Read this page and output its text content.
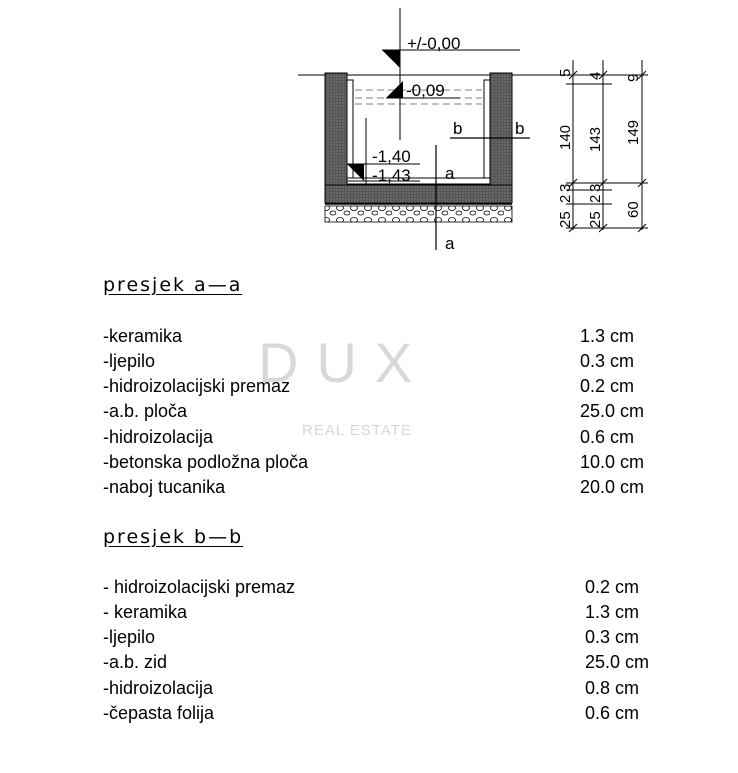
DUX
REAL ESTATE
+/-0,00
-0,09
-1,40
-1,43 a
a
b	b
5
140
3
2
25
4
143
3
2
25
9
149
60
presjek a—a
-keramika	1.3 cm
-ljepilo	0.3 cm
-hidroizolacijski premaz	0.2 cm
-a.b. ploča	25.0 cm
-hidroizolacija	0.6 cm
-betonska podložna ploča	10.0 cm
-naboj tucanika	20.0 cm
presjek b—b
- hidroizolacijski premaz	0.2 cm
- keramika	1.3 cm
-ljepilo	0.3 cm
-a.b. zid	25.0 cm
-hidroizolacija	0.8 cm
-čepasta folija	0.6 cm
